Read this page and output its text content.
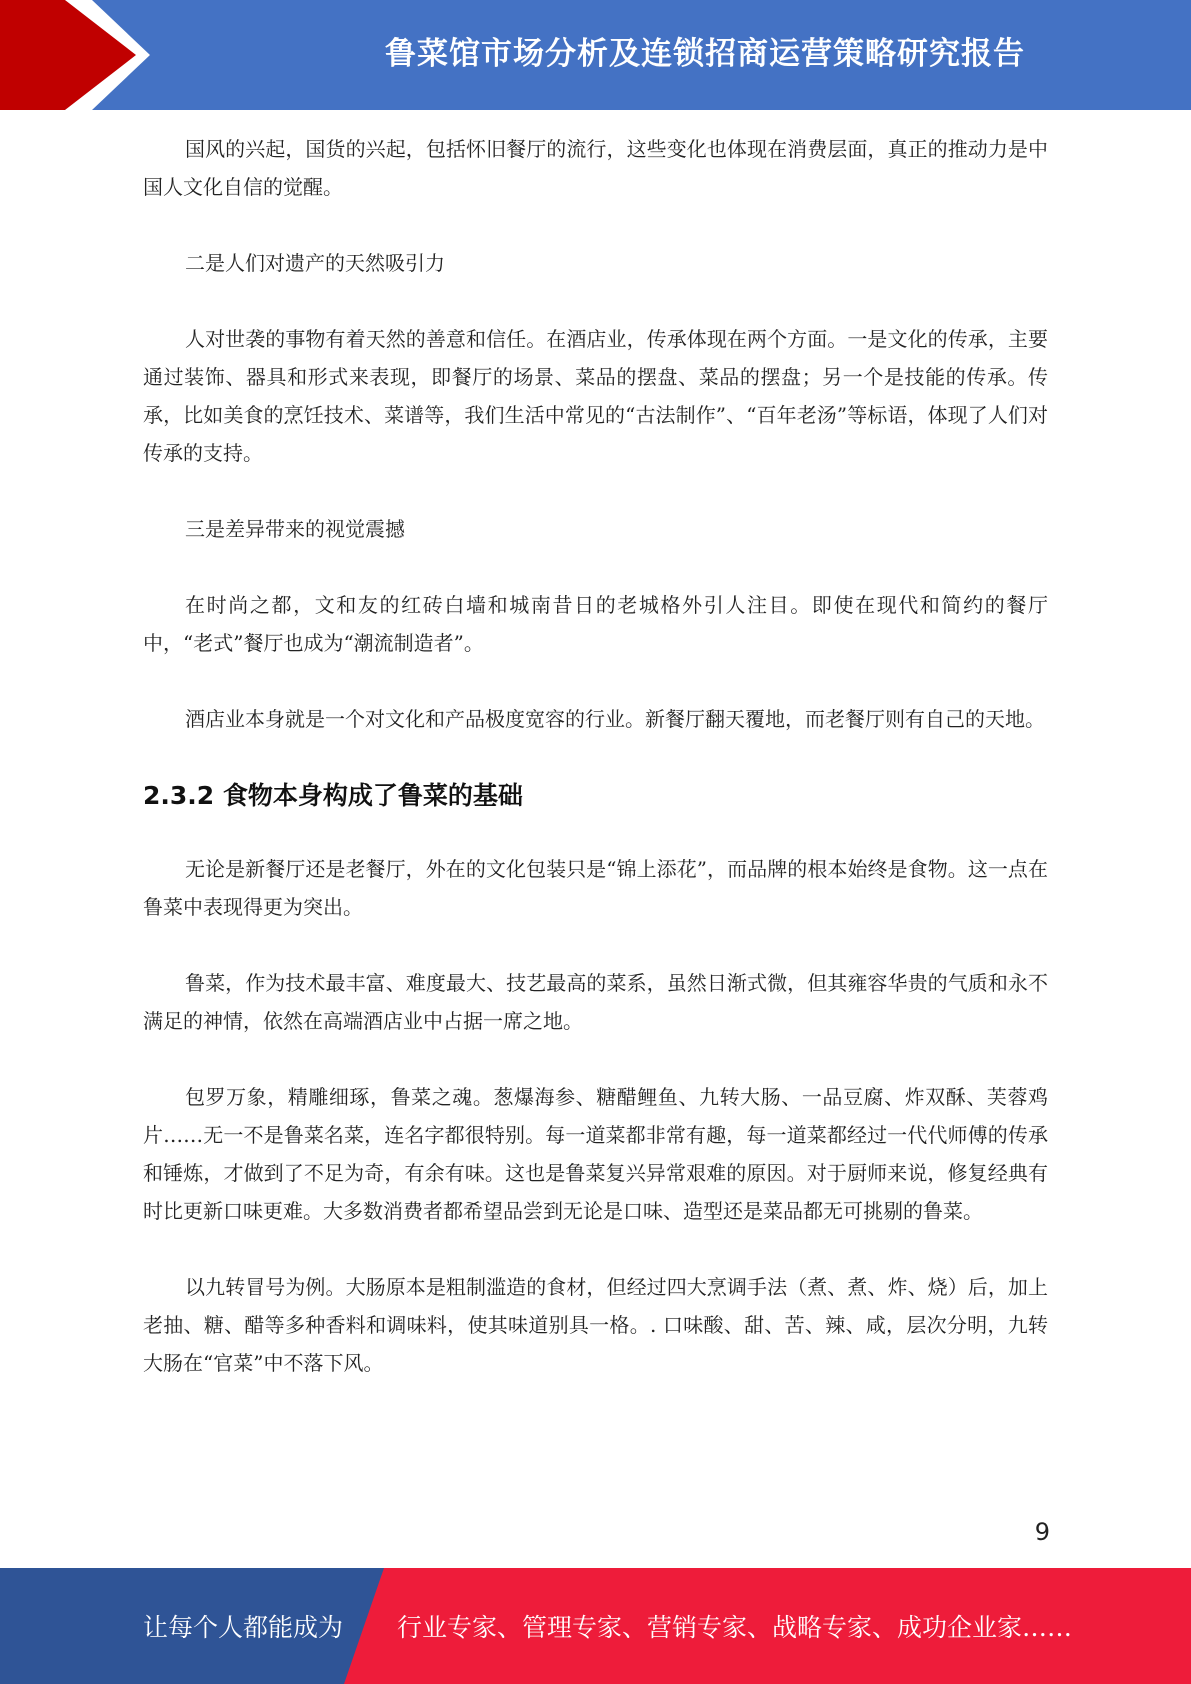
鲁菜馆市场分析及连锁招商运营策略研究报告

国风的兴起，国货的兴起，包括怀旧餐厅的流行，这些变化也体现在消费层面，真正的推动力是中国人文化自信的觉醒。

二是人们对遗产的天然吸引力

人对世袭的事物有着天然的善意和信任。在酒店业，传承体现在两个方面。一是文化的传承，主要通过装饰、器具和形式来表现，即餐厅的场景、菜品的摆盘、菜品的摆盘；另一个是技能的传承。传承，比如美食的烹饪技术、菜谱等，我们生活中常见的“古法制作”、“百年老汤”等标语，体现了人们对传承的支持。

三是差异带来的视觉震撼

在时尚之都，文和友的红砖白墙和城南昔日的老城格外引人注目。即使在现代和简约的餐厅中，“老式”餐厅也成为“潮流制造者”。

酒店业本身就是一个对文化和产品极度宽容的行业。新餐厅翻天覆地，而老餐厅则有自己的天地。

2.3.2 食物本身构成了鲁菜的基础

无论是新餐厅还是老餐厅，外在的文化包装只是“锦上添花”，而品牌的根本始终是食物。这一点在鲁菜中表现得更为突出。

鲁菜，作为技术最丰富、难度最大、技艺最高的菜系，虽然日渐式微，但其雍容华贵的气质和永不满足的神情，依然在高端酒店业中占据一席之地。

包罗万象，精雕细琢，鲁菜之魂。葱爆海参、糖醋鲤鱼、九转大肠、一品豆腐、炸双酥、芙蓉鸡片……无一不是鲁菜名菜，连名字都很特别。每一道菜都非常有趣，每一道菜都经过一代代师傅的传承和锤炼，才做到了不足为奇，有余有味。这也是鲁菜复兴异常艰难的原因。对于厨师来说，修复经典有时比更新口味更难。大多数消费者都希望品尝到无论是口味、造型还是菜品都无可挑剔的鲁菜。

以九转冒号为例。大肠原本是粗制滥造的食材，但经过四大烹调手法（煮、煮、炸、烧）后，加上老抽、糖、醋等多种香料和调味料，使其味道别具一格。. 口味酸、甜、苦、辣、咸，层次分明，九转大肠在“官菜”中不落下风。

9
让每个人都能成为 行业专家、管理专家、营销专家、战略专家、成功企业家……
